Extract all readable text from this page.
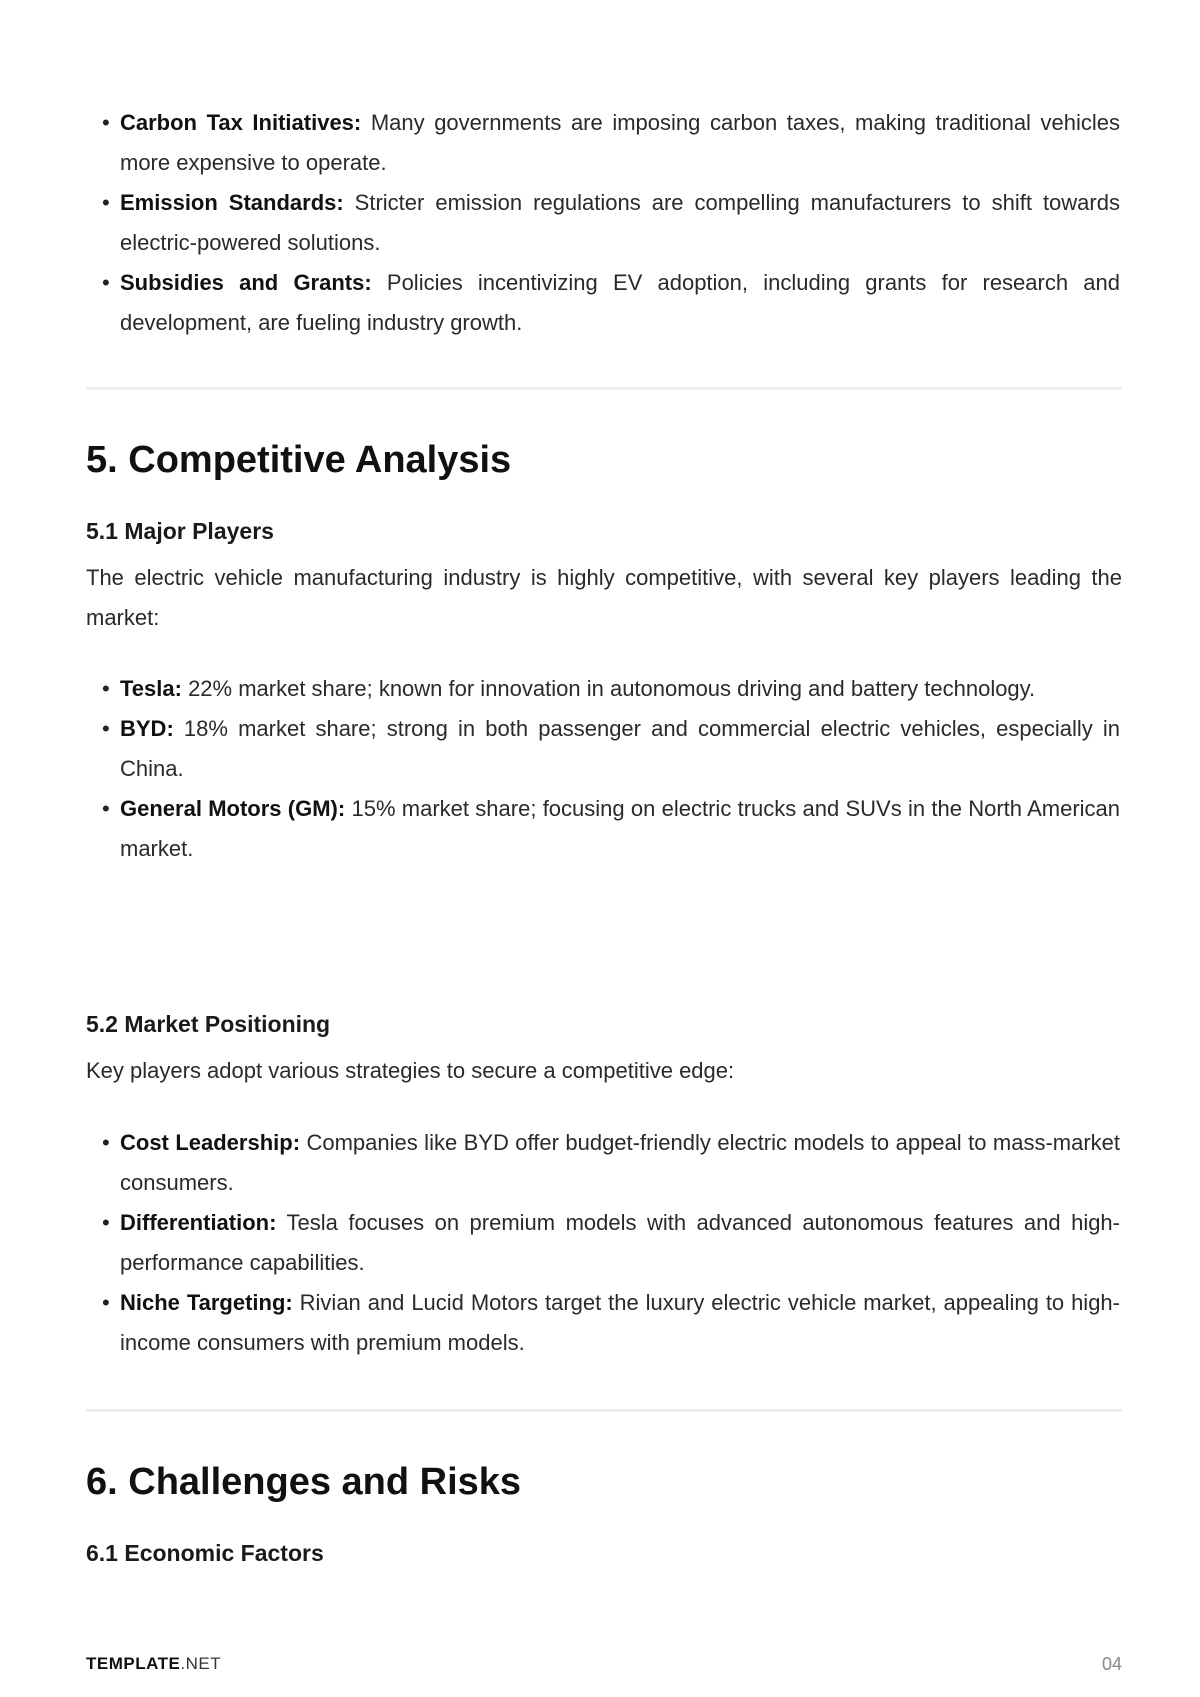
• Carbon Tax Initiatives: Many governments are imposing carbon taxes, making traditional vehicles more expensive to operate.
• Emission Standards: Stricter emission regulations are compelling manufacturers to shift towards electric-powered solutions.
• Subsidies and Grants: Policies incentivizing EV adoption, including grants for research and development, are fueling industry growth.
5. Competitive Analysis
5.1 Major Players

The electric vehicle manufacturing industry is highly competitive, with several key players leading the market:

• Tesla: 22% market share; known for innovation in autonomous driving and battery technology.
• BYD: 18% market share; strong in both passenger and commercial electric vehicles, especially in China.
• General Motors (GM): 15% market share; focusing on electric trucks and SUVs in the North American market.
5.2 Market Positioning

Key players adopt various strategies to secure a competitive edge:

• Cost Leadership: Companies like BYD offer budget-friendly electric models to appeal to mass-market consumers.
• Differentiation: Tesla focuses on premium models with advanced autonomous features and high-performance capabilities.
• Niche Targeting: Rivian and Lucid Motors target the luxury electric vehicle market, appealing to high-income consumers with premium models.
6. Challenges and Risks
6.1 Economic Factors
TEMPLATE.NET	04
